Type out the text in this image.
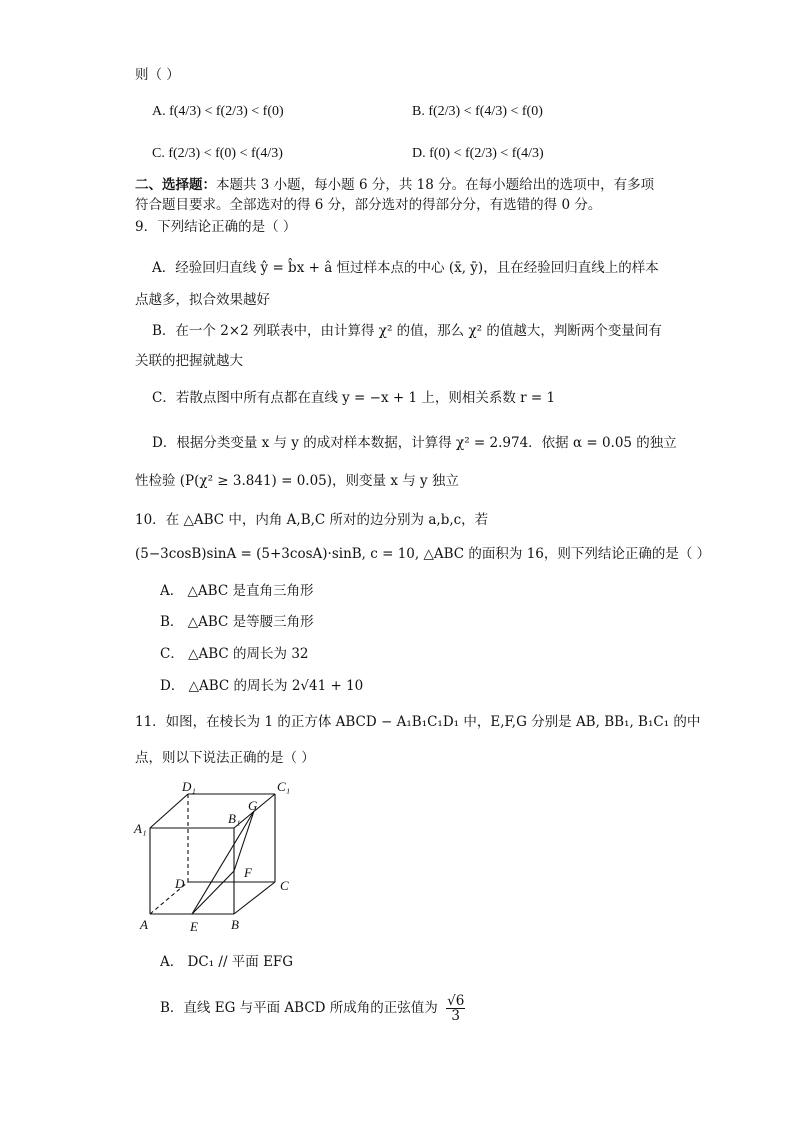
则（ ）
A. f(4/3) < f(2/3) < f(0)	B. f(2/3) < f(4/3) < f(0)
C. f(2/3) < f(0) < f(4/3)	D. f(0) < f(2/3) < f(4/3)
二、选择题：本题共 3 小题，每小题 6 分，共 18 分。在每小题给出的选项中，有多项
符合题目要求。全部选对的得 6 分，部分选对的得部分分，有选错的得 0 分。
9．下列结论正确的是（ ）
A．经验回归直线 ŷ = b̂x + â 恒过样本点的中心 (x̄, ȳ)，且在经验回归直线上的样本
点越多，拟合效果越好
B．在一个 2×2 列联表中，由计算得 χ² 的值，那么 χ² 的值越大，判断两个变量间有
关联的把握就越大
C．若散点图中所有点都在直线 y = −x + 1 上，则相关系数 r = 1
D．根据分类变量 x 与 y 的成对样本数据，计算得 χ² = 2.974．依据 α = 0.05 的独立
性检验 (P(χ² ≥ 3.841) = 0.05)，则变量 x 与 y 独立
10．在 △ABC 中，内角 A,B,C 所对的边分别为 a,b,c，若
(5−3cosB)sinA = (5+3cosA)·sinB, c = 10, △ABC 的面积为 16，则下列结论正确的是（ ）
A． △ABC 是直角三角形
B． △ABC 是等腰三角形
C． △ABC 的周长为 32
D． △ABC 的周长为 2√41 + 10
11．如图，在棱长为 1 的正方体 ABCD − A₁B₁C₁D₁ 中，E,F,G 分别是 AB, BB₁, B₁C₁ 的中
点，则以下说法正确的是（ ）
D₁	C₁
A₁
B₁
G
D
F
C
A	E	B
A． DC₁ // 平面 EFG
B．直线 EG 与平面 ABCD 所成角的正弦值为 $\frac{√6}{3}$
